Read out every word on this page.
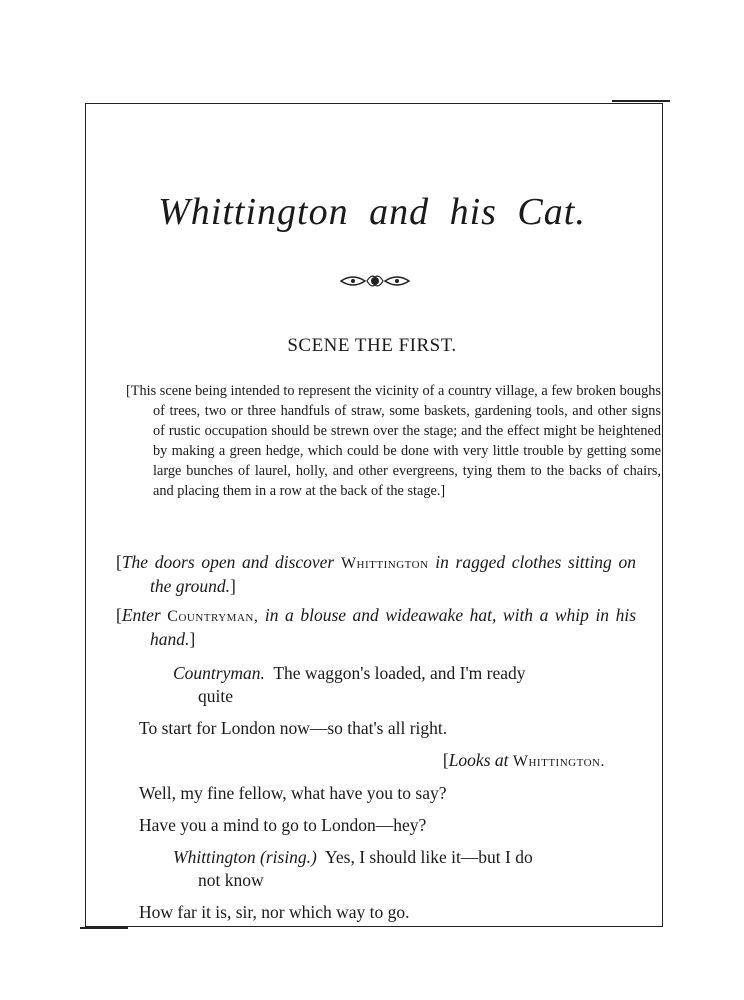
Whittington and his Cat.
SCENE THE FIRST.
[This scene being intended to represent the vicinity of a country village, a few broken boughs of trees, two or three handfuls of straw, some baskets, gardening tools, and other signs of rustic occupation should be strewn over the stage; and the effect might be heightened by making a green hedge, which could be done with very little trouble by getting some large bunches of laurel, holly, and other evergreens, tying them to the backs of chairs, and placing them in a row at the back of the stage.]
[The doors open and discover Whittington in ragged clothes sitting on the ground.]
[Enter Countryman, in a blouse and wideawake hat, with a whip in his hand.]
Countryman. The waggon's loaded, and I'm ready
quite
To start for London now—so that's all right.
[Looks at Whittington.
Well, my fine fellow, what have you to say?
Have you a mind to go to London—hey?
Whittington (rising.) Yes, I should like it—but I do
not know
How far it is, sir, nor which way to go.
